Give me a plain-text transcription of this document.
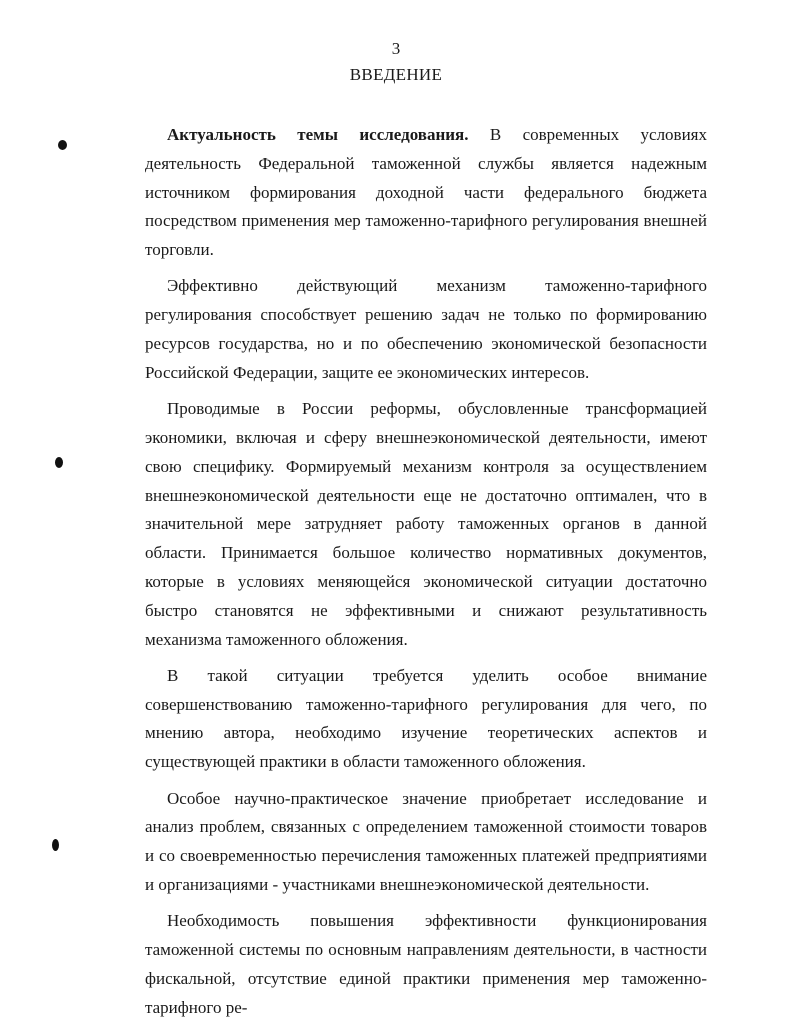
3
ВВЕДЕНИЕ

Актуальность темы исследования. В современных условиях деятельность Федеральной таможенной службы является надежным источником формирования доходной части федерального бюджета посредством применения мер таможенно-тарифного регулирования внешней торговли.

Эффективно действующий механизм таможенно-тарифного регулирования способствует решению задач не только по формированию ресурсов государства, но и по обеспечению экономической безопасности Российской Федерации, защите ее экономических интересов.

Проводимые в России реформы, обусловленные трансформацией экономики, включая и сферу внешнеэкономической деятельности, имеют свою специфику. Формируемый механизм контроля за осуществлением внешнеэкономической деятельности еще не достаточно оптимален, что в значительной мере затрудняет работу таможенных органов в данной области. Принимается большое количество нормативных документов, которые в условиях меняющейся экономической ситуации достаточно быстро становятся не эффективными и снижают результативность механизма таможенного обложения.

В такой ситуации требуется уделить особое внимание совершенствованию таможенно-тарифного регулирования для чего, по мнению автора, необходимо изучение теоретических аспектов и существующей практики в области таможенного обложения.

Особое научно-практическое значение приобретает исследование и анализ проблем, связанных с определением таможенной стоимости товаров и со своевременностью перечисления таможенных платежей предприятиями и организациями - участниками внешнеэкономической деятельности.

Необходимость повышения эффективности функционирования таможенной системы по основным направлениям деятельности, в частности фискальной, отсутствие единой практики применения мер таможенно-тарифного ре-
